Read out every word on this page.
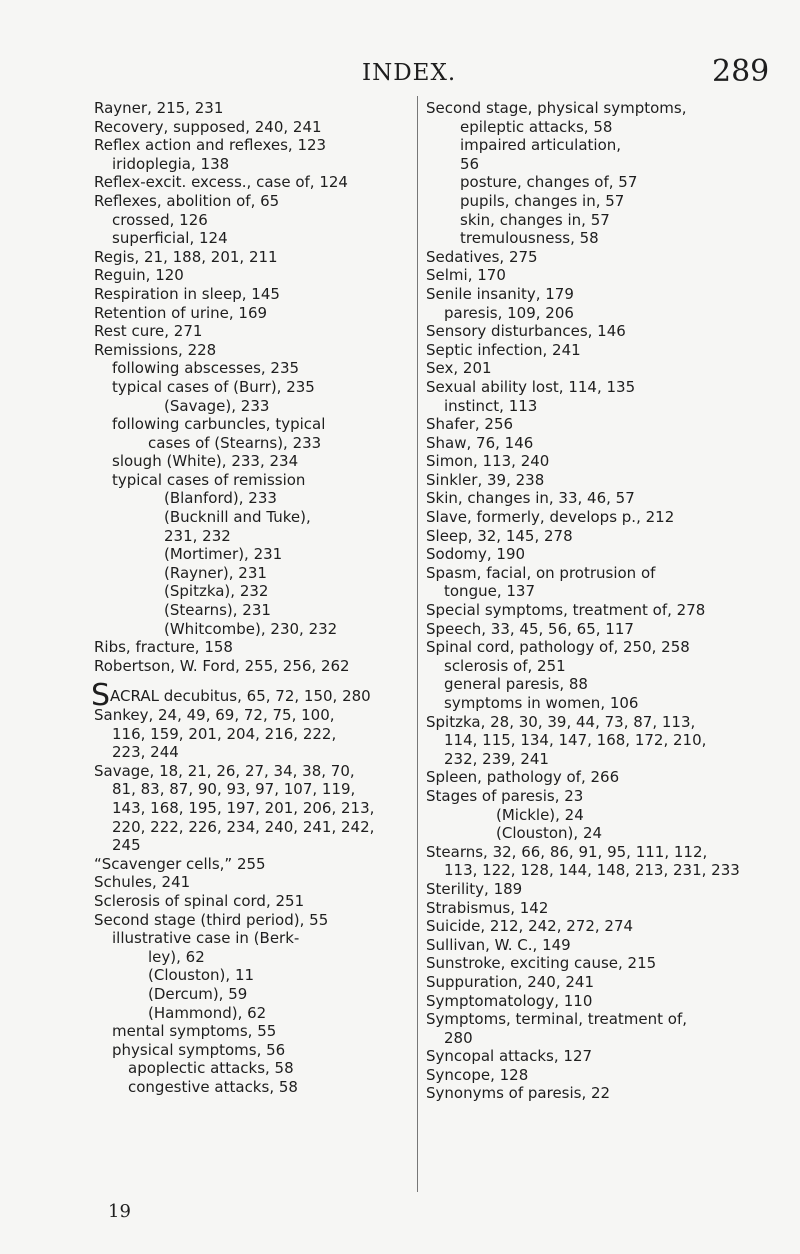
INDEX.	289
Rayner, 215, 231
Recovery, supposed, 240, 241
Reflex action and reflexes, 123
iridoplegia, 138
Reflex-excit. excess., case of, 124
Reflexes, abolition of, 65
crossed, 126
superficial, 124
Regis, 21, 188, 201, 211
Reguin, 120
Respiration in sleep, 145
Retention of urine, 169
Rest cure, 271
Remissions, 228
following abscesses, 235
typical cases of (Burr), 235
(Savage), 233
following carbuncles, typical
cases of (Stearns), 233
slough (White), 233, 234
typical cases of remission
(Blanford), 233
(Bucknill and Tuke),
231, 232
(Mortimer), 231
(Rayner), 231
(Spitzka), 232
(Stearns), 231
(Whitcombe), 230, 232
Ribs, fracture, 158
Robertson, W. Ford, 255, 256, 262
SACRAL decubitus, 65, 72, 150, 280
Sankey, 24, 49, 69, 72, 75, 100,
116, 159, 201, 204, 216, 222,
223, 244
Savage, 18, 21, 26, 27, 34, 38, 70,
81, 83, 87, 90, 93, 97, 107, 119,
143, 168, 195, 197, 201, 206, 213,
220, 222, 226, 234, 240, 241, 242,
245
“Scavenger cells,” 255
Schules, 241
Sclerosis of spinal cord, 251
Second stage (third period), 55
illustrative case in (Berk-
ley), 62
(Clouston), 11
(Dercum), 59
(Hammond), 62
mental symptoms, 55
physical symptoms, 56
apoplectic attacks, 58
congestive attacks, 58
Second stage, physical symptoms,
epileptic attacks, 58
impaired articulation,
56
posture, changes of, 57
pupils, changes in, 57
skin, changes in, 57
tremulousness, 58
Sedatives, 275
Selmi, 170
Senile insanity, 179
paresis, 109, 206
Sensory disturbances, 146
Septic infection, 241
Sex, 201
Sexual ability lost, 114, 135
instinct, 113
Shafer, 256
Shaw, 76, 146
Simon, 113, 240
Sinkler, 39, 238
Skin, changes in, 33, 46, 57
Slave, formerly, develops p., 212
Sleep, 32, 145, 278
Sodomy, 190
Spasm, facial, on protrusion of
tongue, 137
Special symptoms, treatment of, 278
Speech, 33, 45, 56, 65, 117
Spinal cord, pathology of, 250, 258
sclerosis of, 251
general paresis, 88
symptoms in women, 106
Spitzka, 28, 30, 39, 44, 73, 87, 113,
114, 115, 134, 147, 168, 172, 210,
232, 239, 241
Spleen, pathology of, 266
Stages of paresis, 23
(Mickle), 24
(Clouston), 24
Stearns, 32, 66, 86, 91, 95, 111, 112,
113, 122, 128, 144, 148, 213, 231, 233
Sterility, 189
Strabismus, 142
Suicide, 212, 242, 272, 274
Sullivan, W. C., 149
Sunstroke, exciting cause, 215
Suppuration, 240, 241
Symptomatology, 110
Symptoms, terminal, treatment of,
280
Syncopal attacks, 127
Syncope, 128
Synonyms of paresis, 22
19
